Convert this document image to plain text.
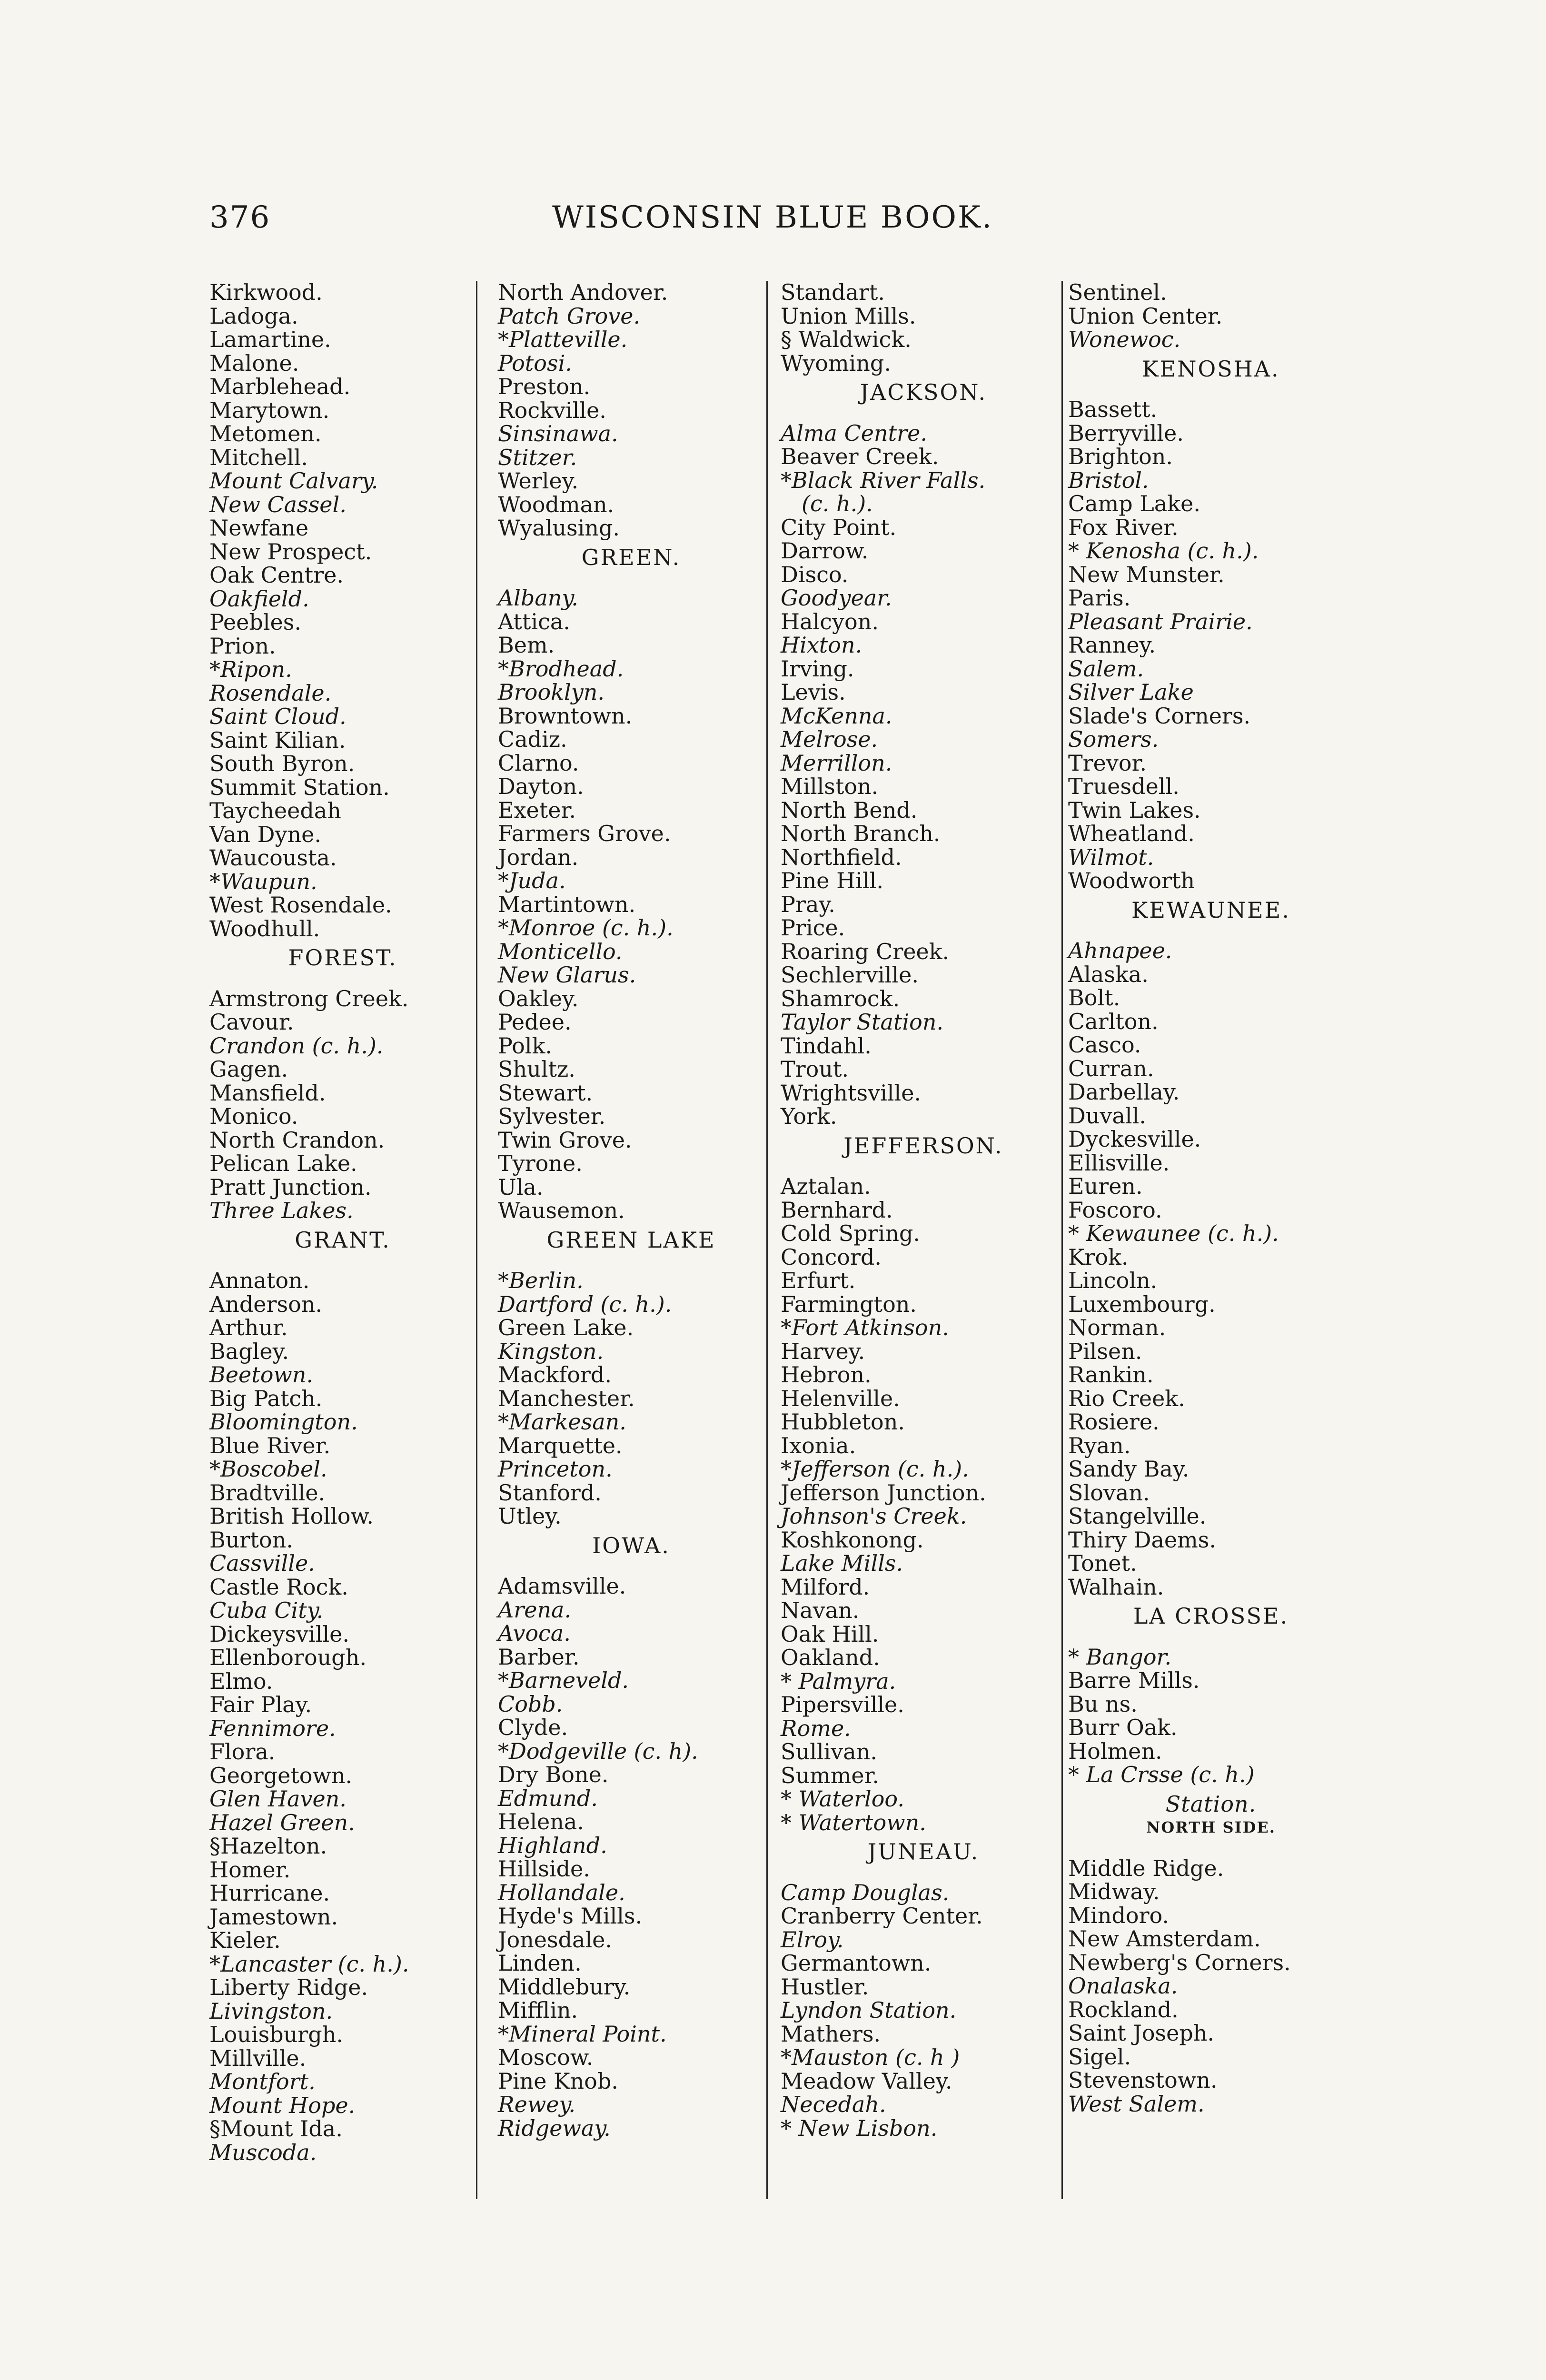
376	WISCONSIN BLUE BOOK.
Kirkwood.
Ladoga.
Lamartine.
Malone.
Marblehead.
Marytown.
Metomen.
Mitchell.
Mount Calvary.
New Cassel.
Newfane
New Prospect.
Oak Centre.
Oakfield.
Peebles.
Prion.
*Ripon.
Rosendale.
Saint Cloud.
Saint Kilian.
South Byron.
Summit Station.
Taycheedah
Van Dyne.
Waucousta.
*Waupun.
West Rosendale.
Woodhull.
FOREST.
Armstrong Creek.
Cavour.
Crandon (c. h.).
Gagen.
Mansfield.
Monico.
North Crandon.
Pelican Lake.
Pratt Junction.
Three Lakes.
GRANT.
Annaton.
Anderson.
Arthur.
Bagley.
Beetown.
Big Patch.
Bloomington.
Blue River.
*Boscobel.
Bradtville.
British Hollow.
Burton.
Cassville.
Castle Rock.
Cuba City.
Dickeysville.
Ellenborough.
Elmo.
Fair Play.
Fennimore.
Flora.
Georgetown.
Glen Haven.
Hazel Green.
§Hazelton.
Homer.
Hurricane.
Jamestown.
Kieler.
*Lancaster (c. h.).
Liberty Ridge.
Livingston.
Louisburgh.
Millville.
Montfort.
Mount Hope.
§Mount Ida.
Muscoda.
North Andover.
Patch Grove.
*Platteville.
Potosi.
Preston.
Rockville.
Sinsinawa.
Stitzer.
Werley.
Woodman.
Wyalusing.
GREEN.
Albany.
Attica.
Bem.
*Brodhead.
Brooklyn.
Browntown.
Cadiz.
Clarno.
Dayton.
Exeter.
Farmers Grove.
Jordan.
*Juda.
Martintown.
*Monroe (c. h.).
Monticello.
New Glarus.
Oakley.
Pedee.
Polk.
Shultz.
Stewart.
Sylvester.
Twin Grove.
Tyrone.
Ula.
Wausemon.
GREEN LAKE
*Berlin.
Dartford (c. h.).
Green Lake.
Kingston.
Mackford.
Manchester.
*Markesan.
Marquette.
Princeton.
Stanford.
Utley.
IOWA.
Adamsville.
Arena.
Avoca.
Barber.
*Barneveld.
Cobb.
Clyde.
*Dodgeville (c. h).
Dry Bone.
Edmund.
Helena.
Highland.
Hillside.
Hollandale.
Hyde's Mills.
Jonesdale.
Linden.
Middlebury.
Mifflin.
*Mineral Point.
Moscow.
Pine Knob.
Rewey.
Ridgeway.
Standart.
Union Mills.
§ Waldwick.
Wyoming.
JACKSON.
Alma Centre.
Beaver Creek.
*Black River Falls.
(c. h.).
City Point.
Darrow.
Disco.
Goodyear.
Halcyon.
Hixton.
Irving.
Levis.
McKenna.
Melrose.
Merrillon.
Millston.
North Bend.
North Branch.
Northfield.
Pine Hill.
Pray.
Price.
Roaring Creek.
Sechlerville.
Shamrock.
Taylor Station.
Tindahl.
Trout.
Wrightsville.
York.
JEFFERSON.
Aztalan.
Bernhard.
Cold Spring.
Concord.
Erfurt.
Farmington.
*Fort Atkinson.
Harvey.
Hebron.
Helenville.
Hubbleton.
Ixonia.
*Jefferson (c. h.).
Jefferson Junction.
Johnson's Creek.
Koshkonong.
Lake Mills.
Milford.
Navan.
Oak Hill.
Oakland.
* Palmyra.
Pipersville.
Rome.
Sullivan.
Summer.
* Waterloo.
* Watertown.
JUNEAU.
Camp Douglas.
Cranberry Center.
Elroy.
Germantown.
Hustler.
Lyndon Station.
Mathers.
*Mauston (c. h )
Meadow Valley.
Necedah.
* New Lisbon.
Sentinel.
Union Center.
Wonewoc.
KENOSHA.
Bassett.
Berryville.
Brighton.
Bristol.
Camp Lake.
Fox River.
* Kenosha (c. h.).
New Munster.
Paris.
Pleasant Prairie.
Ranney.
Salem.
Silver Lake
Slade's Corners.
Somers.
Trevor.
Truesdell.
Twin Lakes.
Wheatland.
Wilmot.
Woodworth
KEWAUNEE.
Ahnapee.
Alaska.
Bolt.
Carlton.
Casco.
Curran.
Darbellay.
Duvall.
Dyckesville.
Ellisville.
Euren.
Foscoro.
* Kewaunee (c. h.).
Krok.
Lincoln.
Luxembourg.
Norman.
Pilsen.
Rankin.
Rio Creek.
Rosiere.
Ryan.
Sandy Bay.
Slovan.
Stangelville.
Thiry Daems.
Tonet.
Walhain.
LA CROSSE.
* Bangor.
Barre Mills.
Bu ns.
Burr Oak.
Holmen.
* La Crsse (c. h.)
Station.
NORTH SIDE.
Middle Ridge.
Midway.
Mindoro.
New Amsterdam.
Newberg's Corners.
Onalaska.
Rockland.
Saint Joseph.
Sigel.
Stevenstown.
West Salem.
